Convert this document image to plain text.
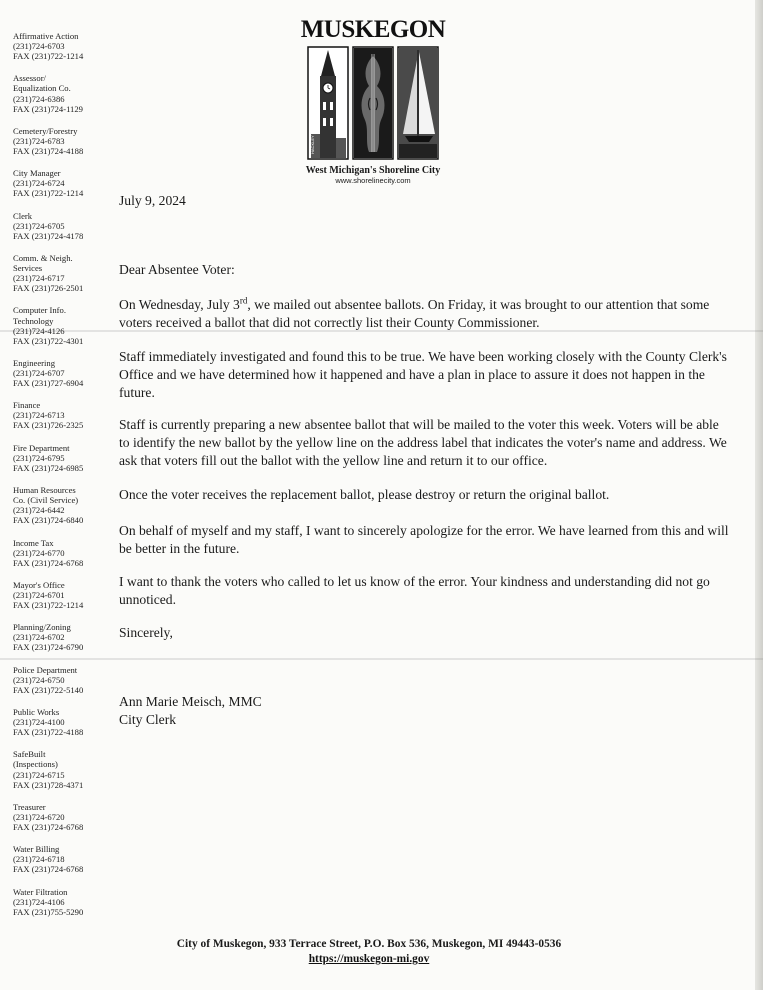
Affirmative Action
(231)724-6703
FAX (231)722-1214
Assessor/
Equalization Co.
(231)724-6386
FAX (231)724-1129
Cemetery/Forestry
(231)724-6783
FAX (231)724-4188
City Manager
(231)724-6724
FAX (231)722-1214
Clerk
(231)724-6705
FAX (231)724-4178
Comm. & Neigh.
Services
(231)724-6717
FAX (231)726-2501
Computer Info.
Technology
(231)724-4126
FAX (231)722-4301
Engineering
(231)724-6707
FAX (231)727-6904
Finance
(231)724-6713
FAX (231)726-2325
Fire Department
(231)724-6795
FAX (231)724-6985
Human Resources
Co. (Civil Service)
(231)724-6442
FAX (231)724-6840
Income Tax
(231)724-6770
FAX (231)724-6768
Mayor's Office
(231)724-6701
FAX (231)722-1214
Planning/Zoning
(231)724-6702
FAX (231)724-6790
Police Department
(231)724-6750
FAX (231)722-5140
Public Works
(231)724-4100
FAX (231)722-4188
SafeBuilt
(Inspections)
(231)724-6715
FAX (231)728-4371
Treasurer
(231)724-6720
FAX (231)724-6768
Water Billing
(231)724-6718
FAX (231)724-6768
Water Filtration
(231)724-4106
FAX (231)755-5290
MUSKEGON
HACKLEY
West Michigan's Shoreline City
www.shorelinecity.com
July 9, 2024
Dear Absentee Voter:

On Wednesday, July 3rd, we mailed out absentee ballots. On Friday, it was brought to our attention that some voters received a ballot that did not correctly list their County Commissioner.

Staff immediately investigated and found this to be true. We have been working closely with the County Clerk's Office and we have determined how it happened and have a plan in place to assure it does not happen in the future.

Staff is currently preparing a new absentee ballot that will be mailed to the voter this week. Voters will be able to identify the new ballot by the yellow line on the address label that indicates the voter's name and address. We ask that voters fill out the ballot with the yellow line and return it to our office.

Once the voter receives the replacement ballot, please destroy or return the original ballot.

On behalf of myself and my staff, I want to sincerely apologize for the error. We have learned from this and will be better in the future.

I want to thank the voters who called to let us know of the error. Your kindness and understanding did not go unnoticed.

Sincerely,
Ann Marie Meisch, MMC
City Clerk
City of Muskegon, 933 Terrace Street, P.O. Box 536, Muskegon, MI 49443-0536
https://muskegon-mi.gov
